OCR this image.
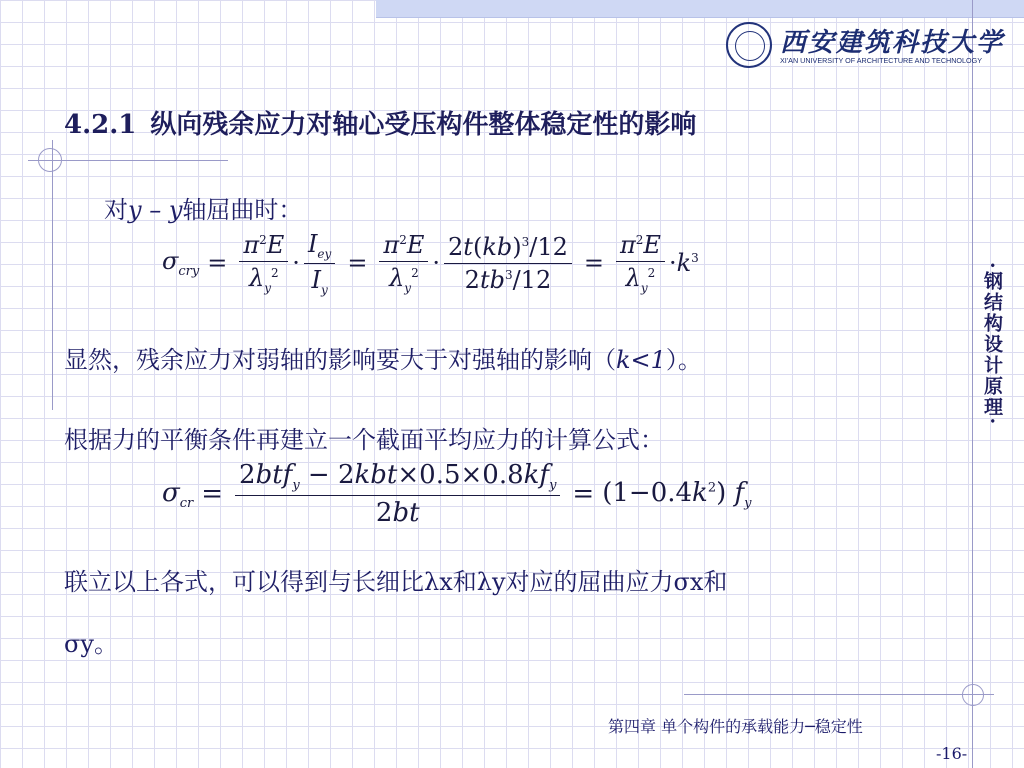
西安建筑科技大学
XI'AN UNIVERSITY OF ARCHITECTURE AND TECHNOLOGY
4.2.1 纵向残余应力对轴心受压构件整体稳定性的影响
·钢结构设计原理·
对y – y轴屈曲时：
$\sigma_{cry} = \frac{\pi^2E}{\lambda_y^2} \cdot \frac{I_{ey}}{I_y} = \frac{\pi^2E}{\lambda_y^2} \cdot \frac{2t(kb)^3/12}{2tb^3/12} = \frac{\pi^2E}{\lambda_y^2} \cdot k^3$
显然，残余应力对弱轴的影响要大于对强轴的影响（k<1）。
根据力的平衡条件再建立一个截面平均应力的计算公式：
$\sigma_{cr} = \frac{2btf_y - 2kbt\times 0.5\times 0.8kf_y}{2bt} = (1-0.4k^2)$ $f_y$
联立以上各式，可以得到与长细比λx和λy对应的屈曲应力σx和
σy。
第四章 单个构件的承载能力─稳定性
-16-
